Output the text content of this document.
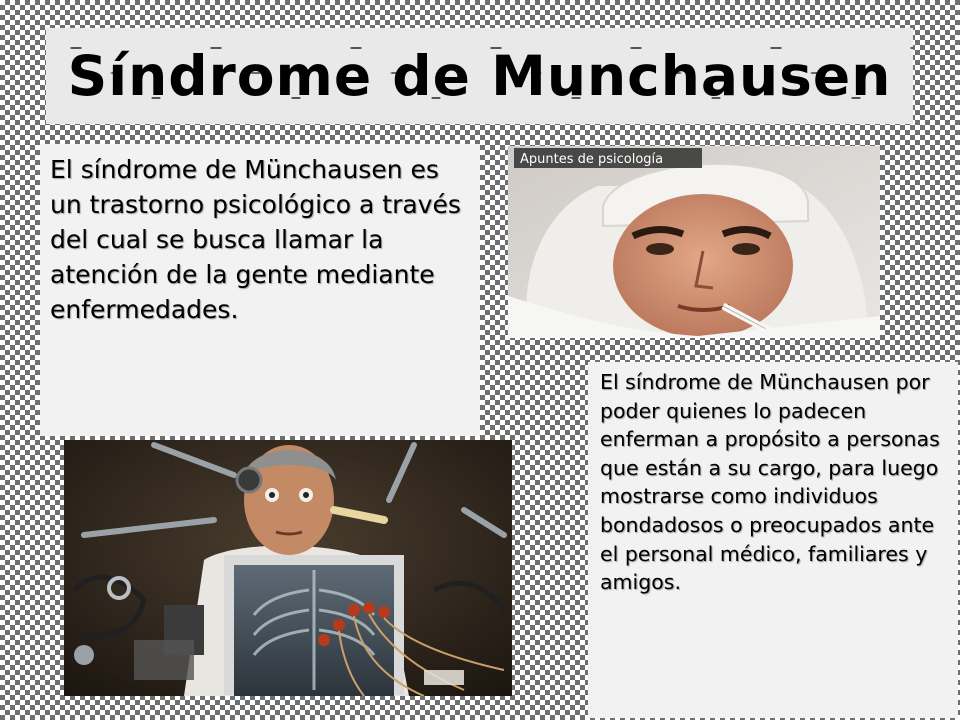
Síndrome de Munchausen
El síndrome de Münchausen es un trastorno psicológico a través del cual se busca llamar la atención de la gente mediante enfermedades.
Apuntes de psicología
El síndrome de Münchausen por poder quienes lo padecen enferman a propósito a personas que están a su cargo, para luego mostrarse como individuos bondadosos o preocupados ante el personal médico, familiares y amigos.
